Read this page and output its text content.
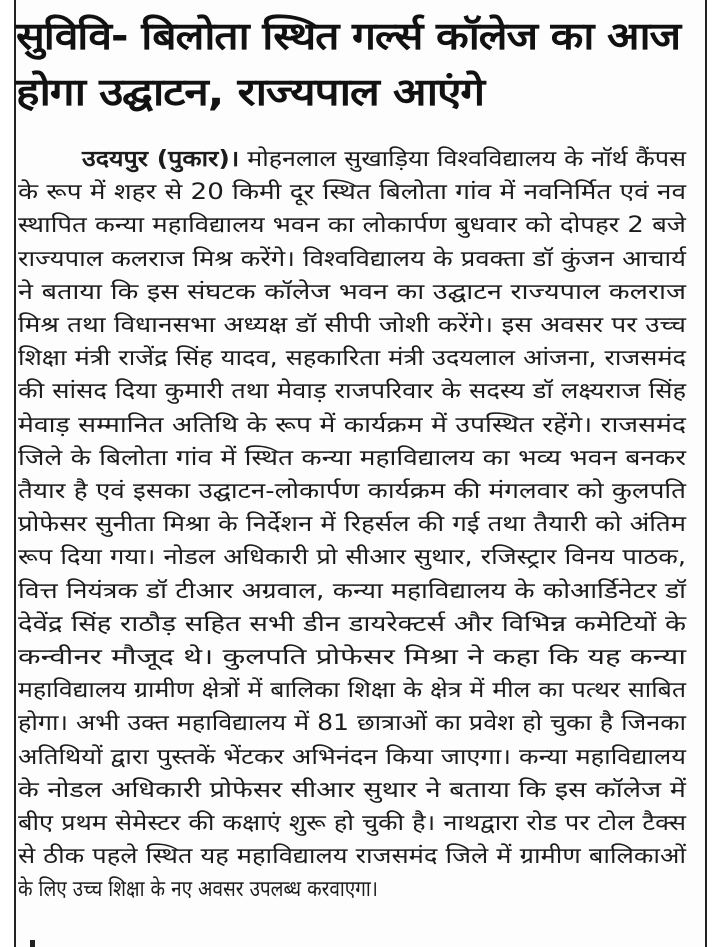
सुविवि- बिलोता स्थित गर्ल्स कॉलेज का आज
होगा उद्घाटन, राज्यपाल आएंगे
उदयपुर (पुकार)। मोहनलाल सुखाड़िया विश्वविद्यालय के नॉर्थ कैंपस
के रूप में शहर से 20 किमी दूर स्थित बिलोता गांव में नवनिर्मित एवं नव
स्थापित कन्या महाविद्यालय भवन का लोकार्पण बुधवार को दोपहर 2 बजे
राज्यपाल कलराज मिश्र करेंगे। विश्वविद्यालय के प्रवक्ता डॉ कुंजन आचार्य
ने बताया कि इस संघटक कॉलेज भवन का उद्घाटन राज्यपाल कलराज
मिश्र तथा विधानसभा अध्यक्ष डॉ सीपी जोशी करेंगे। इस अवसर पर उच्च
शिक्षा मंत्री राजेंद्र सिंह यादव, सहकारिता मंत्री उदयलाल आंजना, राजसमंद
की सांसद दिया कुमारी तथा मेवाड़ राजपरिवार के सदस्य डॉ लक्ष्यराज सिंह
मेवाड़ सम्मानित अतिथि के रूप में कार्यक्रम में उपस्थित रहेंगे। राजसमंद
जिले के बिलोता गांव में स्थित कन्या महाविद्यालय का भव्य भवन बनकर
तैयार है एवं इसका उद्घाटन-लोकार्पण कार्यक्रम की मंगलवार को कुलपति
प्रोफेसर सुनीता मिश्रा के निर्देशन में रिहर्सल की गई तथा तैयारी को अंतिम
रूप दिया गया। नोडल अधिकारी प्रो सीआर सुथार, रजिस्ट्रार विनय पाठक,
वित्त नियंत्रक डॉ टीआर अग्रवाल, कन्या महाविद्यालय के कोआर्डिनेटर डॉ
देवेंद्र सिंह राठौड़ सहित सभी डीन डायरेक्टर्स और विभिन्न कमेटियों के
कन्वीनर मौजूद थे। कुलपति प्रोफेसर मिश्रा ने कहा कि यह कन्या
महाविद्यालय ग्रामीण क्षेत्रों में बालिका शिक्षा के क्षेत्र में मील का पत्थर साबित
होगा। अभी उक्त महाविद्यालय में 81 छात्राओं का प्रवेश हो चुका है जिनका
अतिथियों द्वारा पुस्तकें भेंटकर अभिनंदन किया जाएगा। कन्या महाविद्यालय
के नोडल अधिकारी प्रोफेसर सीआर सुथार ने बताया कि इस कॉलेज में
बीए प्रथम सेमेस्टर की कक्षाएं शुरू हो चुकी है। नाथद्वारा रोड पर टोल टैक्स
से ठीक पहले स्थित यह महाविद्यालय राजसमंद जिले में ग्रामीण बालिकाओं
के लिए उच्च शिक्षा के नए अवसर उपलब्ध करवाएगा।
